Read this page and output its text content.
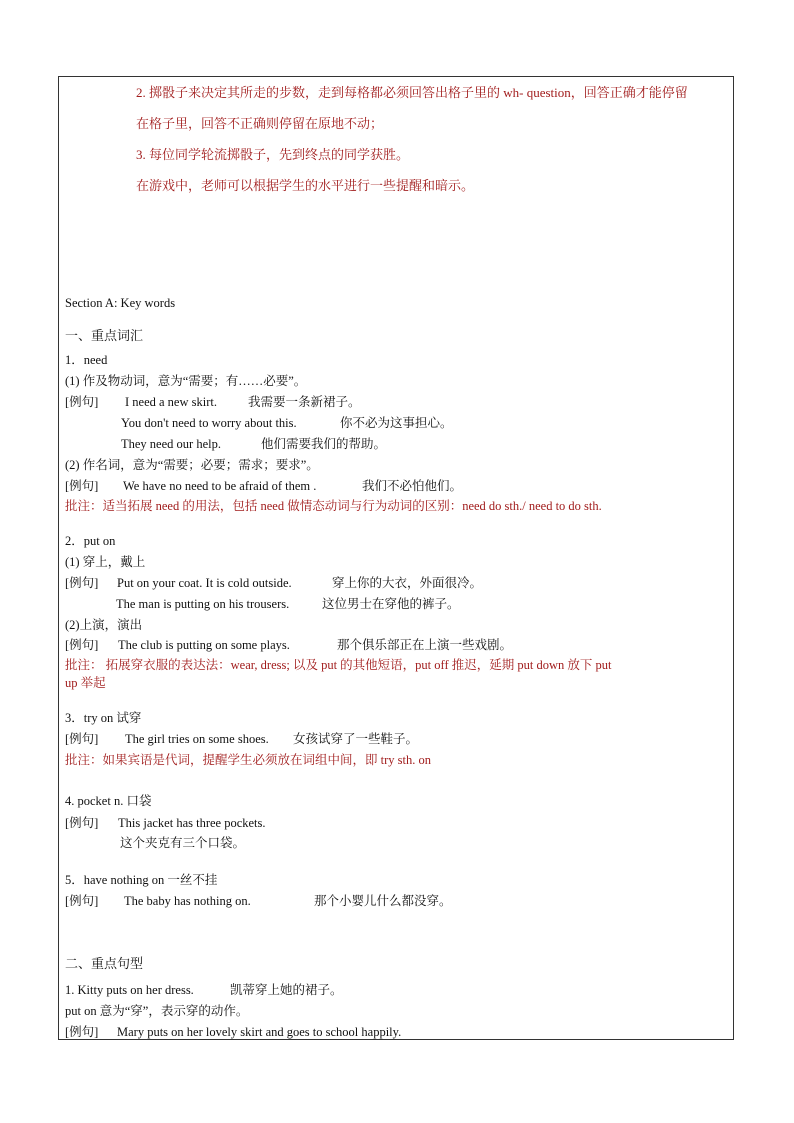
2. 掷骰子来决定其所走的步数，走到每格都必须回答出格子里的 wh- question，回答正确才能停留
在格子里，回答不正确则停留在原地不动；
3. 每位同学轮流掷骰子，先到终点的同学获胜。
在游戏中，老师可以根据学生的水平进行一些提醒和暗示。
Section A: Key words
一、重点词汇
1．need
(1) 作及物动词，意为“需要；有……必要”。
[例句] I need a new skirt. 我需要一条新裙子。
You don't need to worry about this.	你不必为这事担心。
They need our help.	他们需要我们的帮助。
(2) 作名词，意为“需要；必要；需求；要求”。
[例句] We have no need to be afraid of them .	我们不必怕他们。
批注：适当拓展 need 的用法，包括 need 做情态动词与行为动词的区别：need do sth./ need to do sth.
2．put on
(1) 穿上，戴上
[例句] Put on your coat. It is cold outside.	穿上你的大衣，外面很冷。
The man is putting on his trousers.	这位男士在穿他的裤子。
(2)上演，演出
[例句] The club is putting on some plays.	那个俱乐部正在上演一些戏剧。
批注： 拓展穿衣服的表达法：wear, dress; 以及 put 的其他短语，put off 推迟，延期 put down 放下 put
up 举起
3．try on 试穿
[例句] The girl tries on some shoes. 女孩试穿了一些鞋子。
批注：如果宾语是代词，提醒学生必须放在词组中间，即 try sth. on
4. pocket n. 口袋
[例句] This jacket has three pockets.
这个夹克有三个口袋。
5．have nothing on 一丝不挂
[例句] The baby has nothing on.	那个小婴儿什么都没穿。
二、重点句型
1. Kitty puts on her dress.	凯蒂穿上她的裙子。
put on 意为“穿”，表示穿的动作。
[例句] Mary puts on her lovely skirt and goes to school happily.
